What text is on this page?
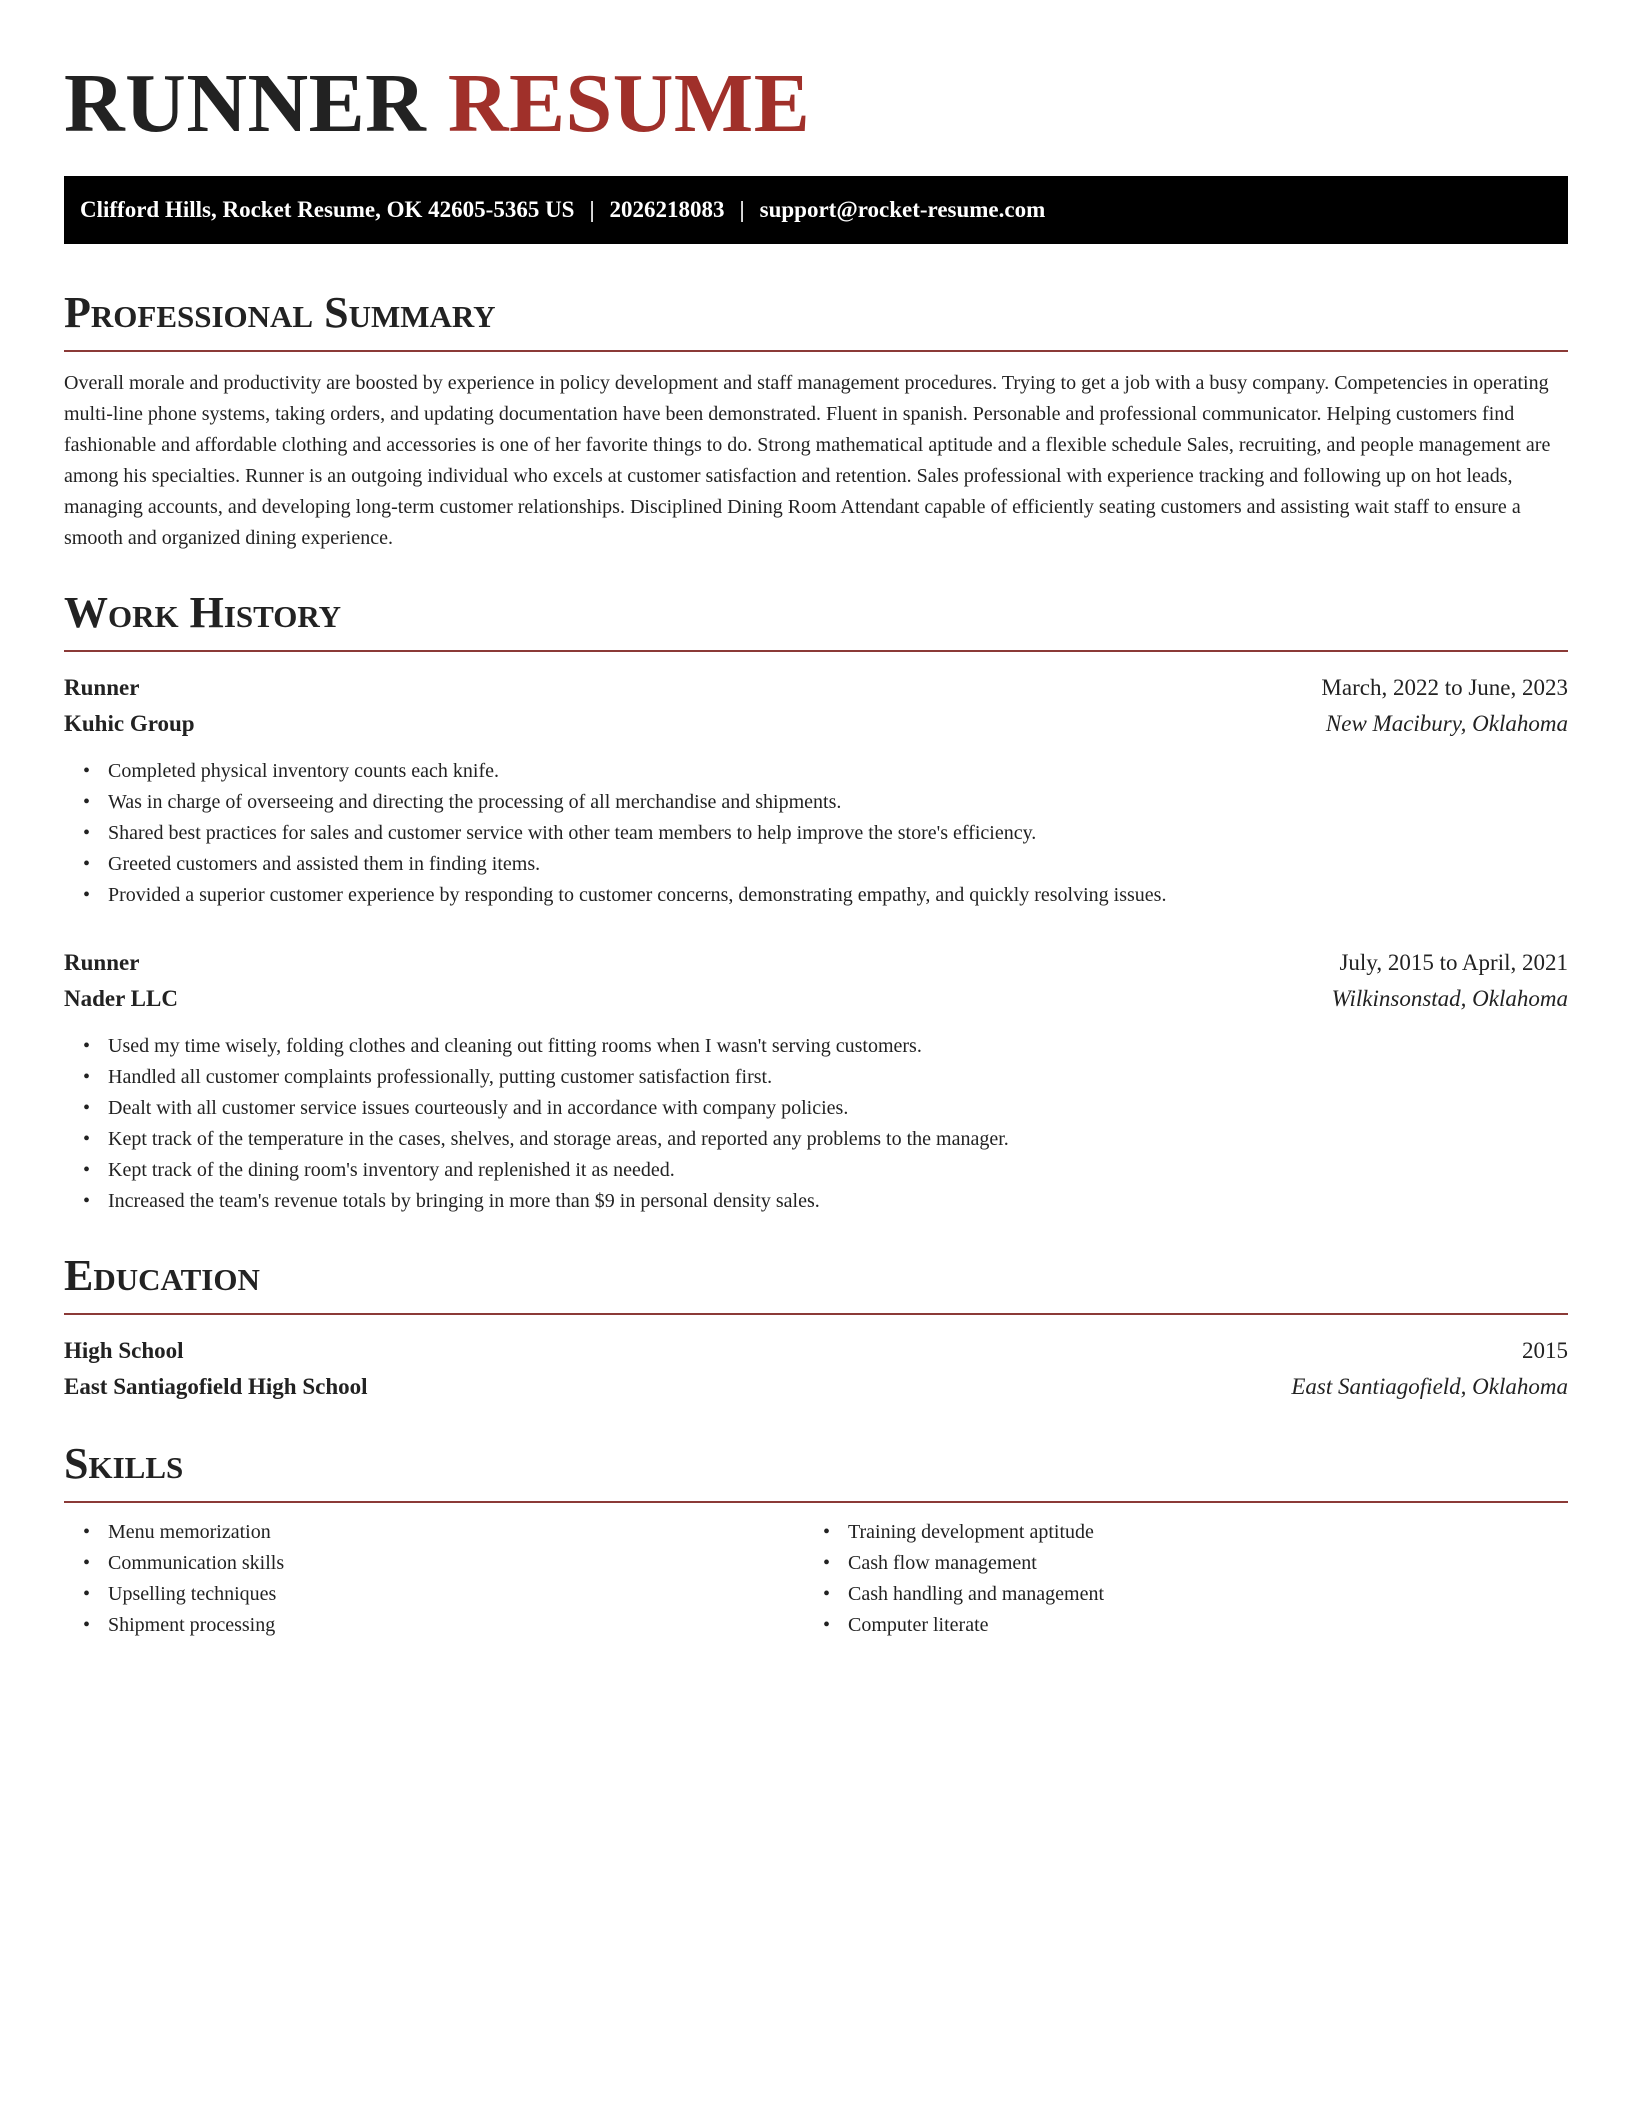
RUNNER RESUME
Clifford Hills, Rocket Resume, OK 42605-5365 US | 2026218083 | support@rocket-resume.com
Professional Summary

Overall morale and productivity are boosted by experience in policy development and staff management procedures. Trying to get a job with a busy company. Competencies in operating multi-line phone systems, taking orders, and updating documentation have been demonstrated. Fluent in spanish. Personable and professional communicator. Helping customers find fashionable and affordable clothing and accessories is one of her favorite things to do. Strong mathematical aptitude and a flexible schedule Sales, recruiting, and people management are among his specialties. Runner is an outgoing individual who excels at customer satisfaction and retention. Sales professional with experience tracking and following up on hot leads, managing accounts, and developing long-term customer relationships. Disciplined Dining Room Attendant capable of efficiently seating customers and assisting wait staff to ensure a smooth and organized dining experience.

Work History
Runner	March, 2022 to June, 2023
Kuhic Group	New Macibury, Oklahoma
• Completed physical inventory counts each knife.
• Was in charge of overseeing and directing the processing of all merchandise and shipments.
• Shared best practices for sales and customer service with other team members to help improve the store's efficiency.
• Greeted customers and assisted them in finding items.
• Provided a superior customer experience by responding to customer concerns, demonstrating empathy, and quickly resolving issues.
Runner	July, 2015 to April, 2021
Nader LLC	Wilkinsonstad, Oklahoma
• Used my time wisely, folding clothes and cleaning out fitting rooms when I wasn't serving customers.
• Handled all customer complaints professionally, putting customer satisfaction first.
• Dealt with all customer service issues courteously and in accordance with company policies.
• Kept track of the temperature in the cases, shelves, and storage areas, and reported any problems to the manager.
• Kept track of the dining room's inventory and replenished it as needed.
• Increased the team's revenue totals by bringing in more than $9 in personal density sales.
Education
High School	2015
East Santiagofield High School	East Santiagofield, Oklahoma
Skills
• Menu memorization
• Communication skills
• Upselling techniques
• Shipment processing
• Training development aptitude
• Cash flow management
• Cash handling and management
• Computer literate
